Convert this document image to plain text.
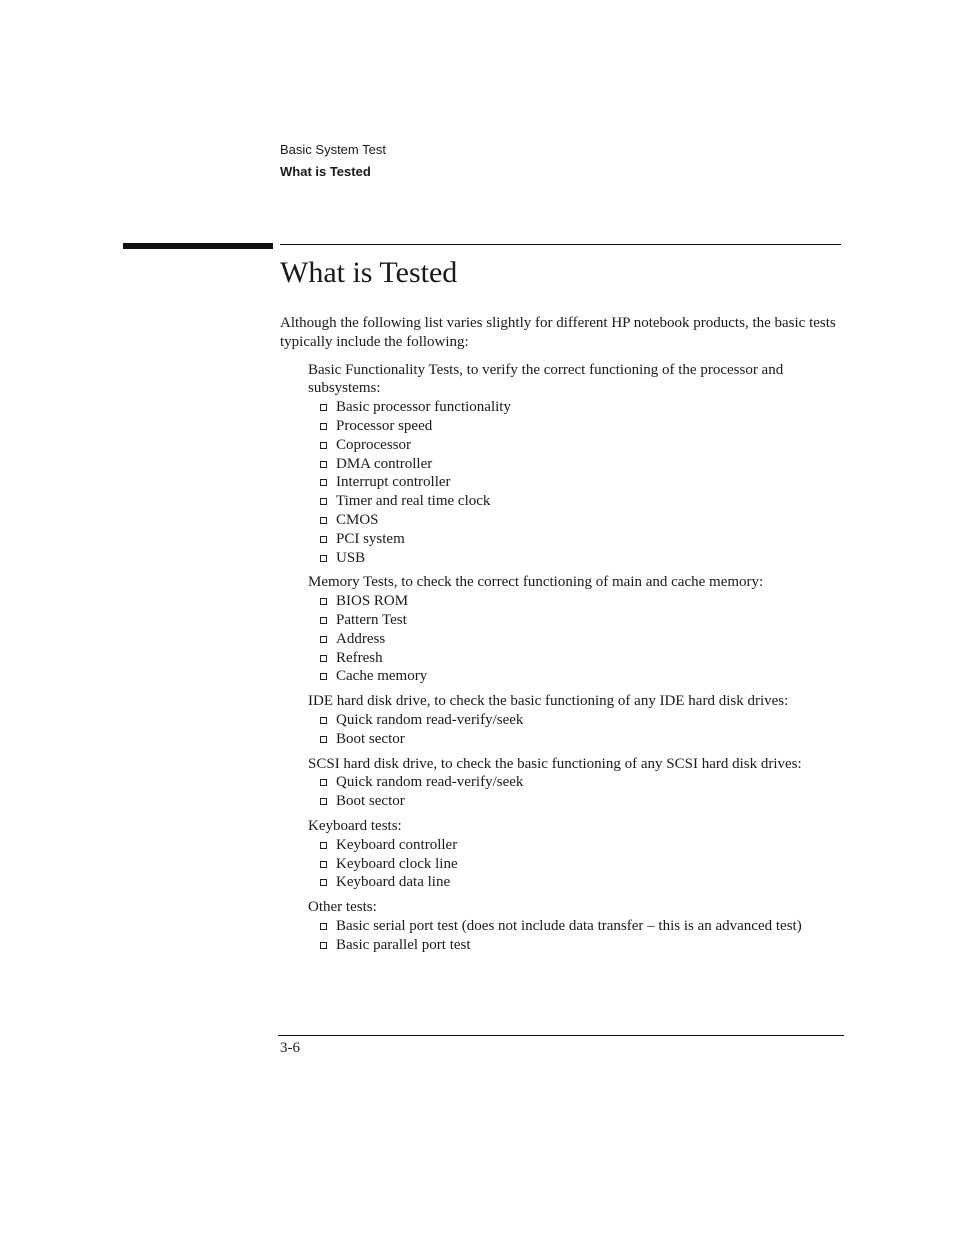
Basic System Test
What is Tested
What is Tested

Although the following list varies slightly for different HP notebook products, the basic tests typically include the following:

Basic Functionality Tests, to verify the correct functioning of the processor and subsystems:

Basic processor functionality
Processor speed
Coprocessor
DMA controller
Interrupt controller
Timer and real time clock
CMOS
PCI system
USB

Memory Tests, to check the correct functioning of main and cache memory:

BIOS ROM
Pattern Test
Address
Refresh
Cache memory

IDE hard disk drive, to check the basic functioning of any IDE hard disk drives:

Quick random read-verify/seek
Boot sector

SCSI hard disk drive, to check the basic functioning of any SCSI hard disk drives:

Quick random read-verify/seek
Boot sector

Keyboard tests:

Keyboard controller
Keyboard clock line
Keyboard data line

Other tests:

Basic serial port test (does not include data transfer – this is an advanced test)
Basic parallel port test
3-6
